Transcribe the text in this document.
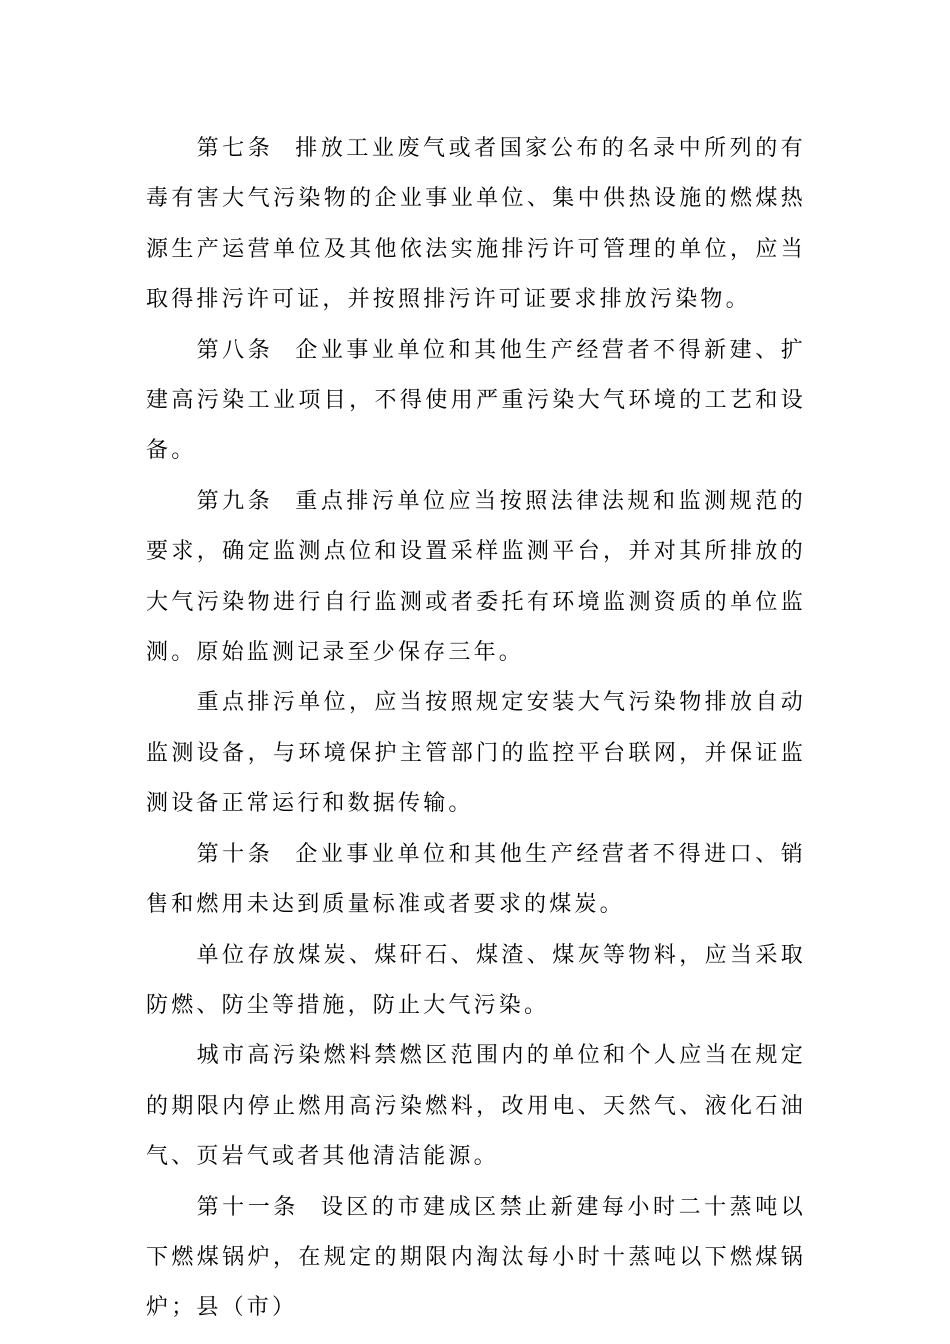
第七条 排放工业废气或者国家公布的名录中所列的有毒有害大气污染物的企业事业单位、集中供热设施的燃煤热源生产运营单位及其他依法实施排污许可管理的单位，应当取得排污许可证，并按照排污许可证要求排放污染物。

第八条 企业事业单位和其他生产经营者不得新建、扩建高污染工业项目，不得使用严重污染大气环境的工艺和设备。

第九条 重点排污单位应当按照法律法规和监测规范的要求，确定监测点位和设置采样监测平台，并对其所排放的大气污染物进行自行监测或者委托有环境监测资质的单位监测。原始监测记录至少保存三年。

重点排污单位，应当按照规定安装大气污染物排放自动监测设备，与环境保护主管部门的监控平台联网，并保证监测设备正常运行和数据传输。

第十条 企业事业单位和其他生产经营者不得进口、销售和燃用未达到质量标准或者要求的煤炭。

单位存放煤炭、煤矸石、煤渣、煤灰等物料，应当采取防燃、防尘等措施，防止大气污染。

城市高污染燃料禁燃区范围内的单位和个人应当在规定的期限内停止燃用高污染燃料，改用电、天然气、液化石油气、页岩气或者其他清洁能源。

第十一条 设区的市建成区禁止新建每小时二十蒸吨以下燃煤锅炉，在规定的期限内淘汰每小时十蒸吨以下燃煤锅炉；县（市）
